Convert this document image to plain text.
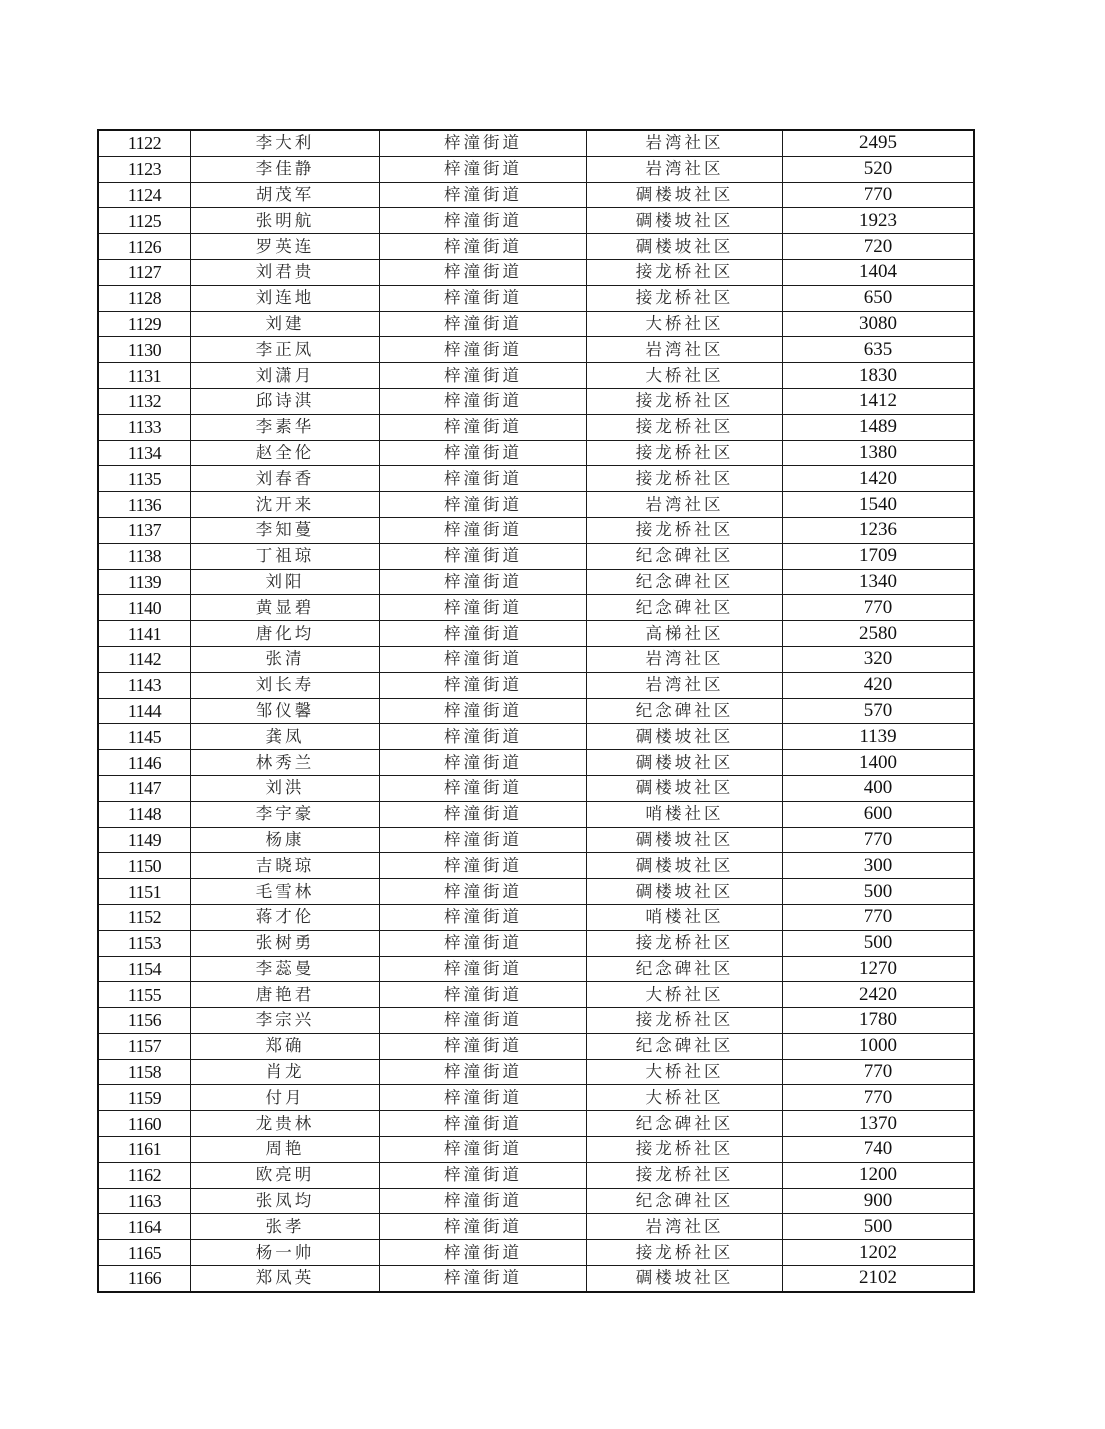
1122	李大利	梓潼街道	岩湾社区	2495
1123	李佳静	梓潼街道	岩湾社区	520
1124	胡茂军	梓潼街道	碉楼坡社区	770
1125	张明航	梓潼街道	碉楼坡社区	1923
1126	罗英连	梓潼街道	碉楼坡社区	720
1127	刘君贵	梓潼街道	接龙桥社区	1404
1128	刘连地	梓潼街道	接龙桥社区	650
1129	刘建	梓潼街道	大桥社区	3080
1130	李正凤	梓潼街道	岩湾社区	635
1131	刘潇月	梓潼街道	大桥社区	1830
1132	邱诗淇	梓潼街道	接龙桥社区	1412
1133	李素华	梓潼街道	接龙桥社区	1489
1134	赵全伦	梓潼街道	接龙桥社区	1380
1135	刘春香	梓潼街道	接龙桥社区	1420
1136	沈开来	梓潼街道	岩湾社区	1540
1137	李知蔓	梓潼街道	接龙桥社区	1236
1138	丁祖琼	梓潼街道	纪念碑社区	1709
1139	刘阳	梓潼街道	纪念碑社区	1340
1140	黄显碧	梓潼街道	纪念碑社区	770
1141	唐化均	梓潼街道	高梯社区	2580
1142	张清	梓潼街道	岩湾社区	320
1143	刘长寿	梓潼街道	岩湾社区	420
1144	邹仪馨	梓潼街道	纪念碑社区	570
1145	龚凤	梓潼街道	碉楼坡社区	1139
1146	林秀兰	梓潼街道	碉楼坡社区	1400
1147	刘洪	梓潼街道	碉楼坡社区	400
1148	李宇豪	梓潼街道	哨楼社区	600
1149	杨康	梓潼街道	碉楼坡社区	770
1150	吉晓琼	梓潼街道	碉楼坡社区	300
1151	毛雪林	梓潼街道	碉楼坡社区	500
1152	蒋才伦	梓潼街道	哨楼社区	770
1153	张树勇	梓潼街道	接龙桥社区	500
1154	李蕊曼	梓潼街道	纪念碑社区	1270
1155	唐艳君	梓潼街道	大桥社区	2420
1156	李宗兴	梓潼街道	接龙桥社区	1780
1157	郑确	梓潼街道	纪念碑社区	1000
1158	肖龙	梓潼街道	大桥社区	770
1159	付月	梓潼街道	大桥社区	770
1160	龙贵林	梓潼街道	纪念碑社区	1370
1161	周艳	梓潼街道	接龙桥社区	740
1162	欧亮明	梓潼街道	接龙桥社区	1200
1163	张凤均	梓潼街道	纪念碑社区	900
1164	张孝	梓潼街道	岩湾社区	500
1165	杨一帅	梓潼街道	接龙桥社区	1202
1166	郑凤英	梓潼街道	碉楼坡社区	2102
